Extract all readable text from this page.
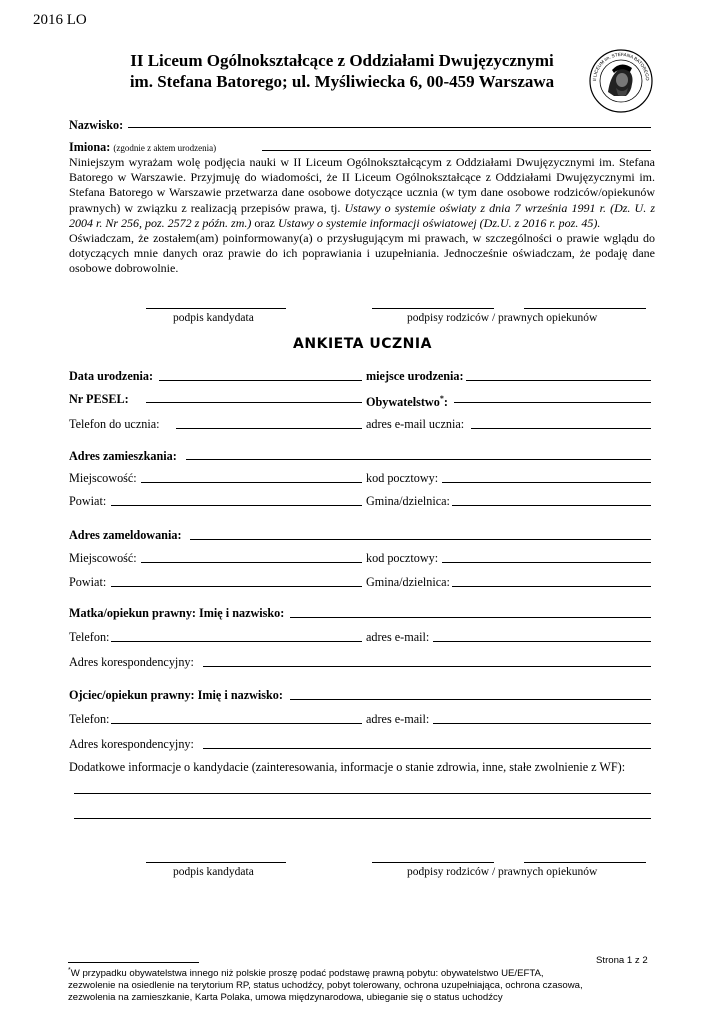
2016 LO
II Liceum Ogólnokształcące z Oddziałami Dwujęzycznymi
im. Stefana Batorego; ul. Myśliwiecka 6, 00-459 Warszawa	II LICEUM im. STEFANA BATOREGO
Nazwisko:
Imiona: (zgodnie z aktem urodzenia)
Niniejszym wyrażam wolę podjęcia nauki w II Liceum Ogólnokształcącym z Oddziałami Dwujęzycznymi im. Stefana Batorego w Warszawie. Przyjmuję do wiadomości, że II Liceum Ogólnokształcące z Oddziałami Dwujęzycznymi im. Stefana Batorego w Warszawie przetwarza dane osobowe dotyczące ucznia (w tym dane osobowe rodziców/opiekunów prawnych) w związku z realizacją przepisów prawa, tj. Ustawy o systemie oświaty z dnia 7 września 1991 r. (Dz. U. z 2004 r. Nr 256, poz. 2572 z późn. zm.) oraz Ustawy o systemie informacji oświatowej (Dz.U. z 2016 r. poz. 45).
Oświadczam, że zostałem(am) poinformowany(a) o przysługującym mi prawach, w szczególności o prawie wglądu do dotyczących mnie danych oraz prawie do ich poprawiania i uzupełniania. Jednocześnie oświadczam, że podaję dane osobowe dobrowolnie.
podpis kandydata	podpisy rodziców / prawnych opiekunów
ANKIETA UCZNIA
Data urodzenia:	miejsce urodzenia:
Nr PESEL:	Obywatelstwo*:
Telefon do ucznia:	adres e-mail ucznia:
Adres zamieszkania:
Miejscowość:	kod pocztowy:
Powiat:	Gmina/dzielnica:
Adres zameldowania:
Miejscowość:	kod pocztowy:
Powiat:	Gmina/dzielnica:
Matka/opiekun prawny: Imię i nazwisko:
Telefon:	adres e-mail:
Adres korespondencyjny:
Ojciec/opiekun prawny: Imię i nazwisko:
Telefon:	adres e-mail:
Adres korespondencyjny:
Dodatkowe informacje o kandydacie (zainteresowania, informacje o stanie zdrowia, inne, stałe zwolnienie z WF):
podpis kandydata	podpisy rodziców / prawnych opiekunów
Strona 1 z 2
*W przypadku obywatelstwa innego niż polskie proszę podać podstawę prawną pobytu: obywatelstwo UE/EFTA,
zezwolenie na osiedlenie na terytorium RP, status uchodźcy, pobyt tolerowany, ochrona uzupełniająca, ochrona czasowa,
zezwolenia na zamieszkanie, Karta Polaka, umowa międzynarodowa, ubieganie się o status uchodźcy
